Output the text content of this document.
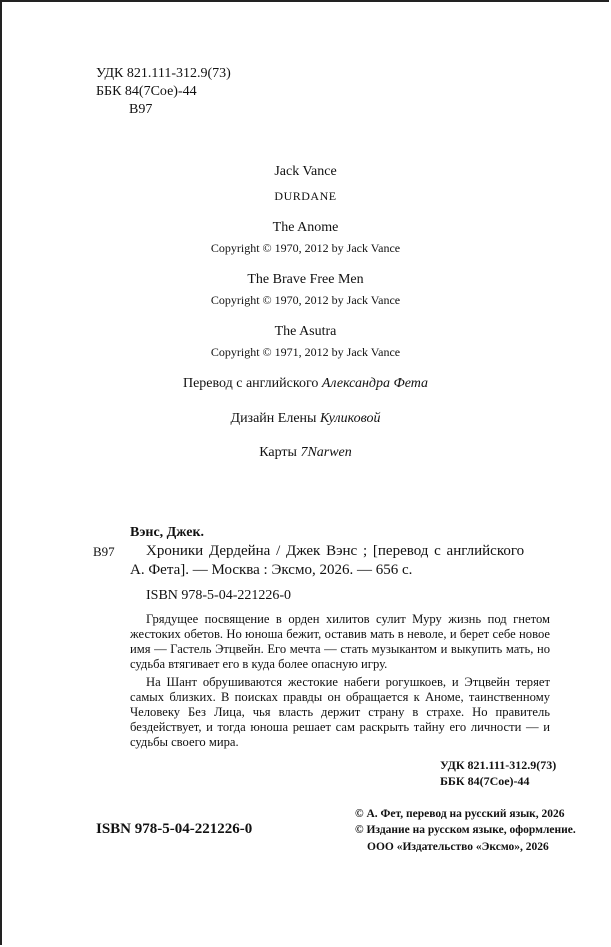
УДК 821.111-312.9(73)
ББК 84(7Сое)-44
В97
Jack Vance
DURDANE
The Anome
Copyright © 1970, 2012 by Jack Vance
The Brave Free Men
Copyright © 1970, 2012 by Jack Vance
The Asutra
Copyright © 1971, 2012 by Jack Vance
Перевод с английского Александра Фета
Дизайн Елены Куликовой
Карты 7Narwen
Вэнс, Джек.
В97 Хроники Дердейна / Джек Вэнс ; [перевод с английского
А. Фета]. — Москва : Эксмо, 2026. — 656 с.
ISBN 978-5-04-221226-0
Грядущее посвящение в орден хилитов сулит Муру жизнь под гнетом жестоких обетов. Но юноша бежит, оставив мать в неволе, и берет себе новое имя — Гастель Этцвейн. Его мечта — стать музыкантом и выкупить мать, но судьба втягивает его в куда более опасную игру.
На Шант обрушиваются жестокие набеги рогушкоев, и Этцвейн теряет самых близких. В поисках правды он обращается к Аноме, таинственному Человеку Без Лица, чья власть держит страну в страхе. Но правитель бездействует, и тогда юноша решает сам раскрыть тайну его личности — и судьбы своего мира.
УДК 821.111-312.9(73)
ББК 84(7Сое)-44
ISBN 978-5-04-221226-0
© А. Фет, перевод на русский язык, 2026
© Издание на русском языке, оформление.
ООО «Издательство «Эксмо», 2026
